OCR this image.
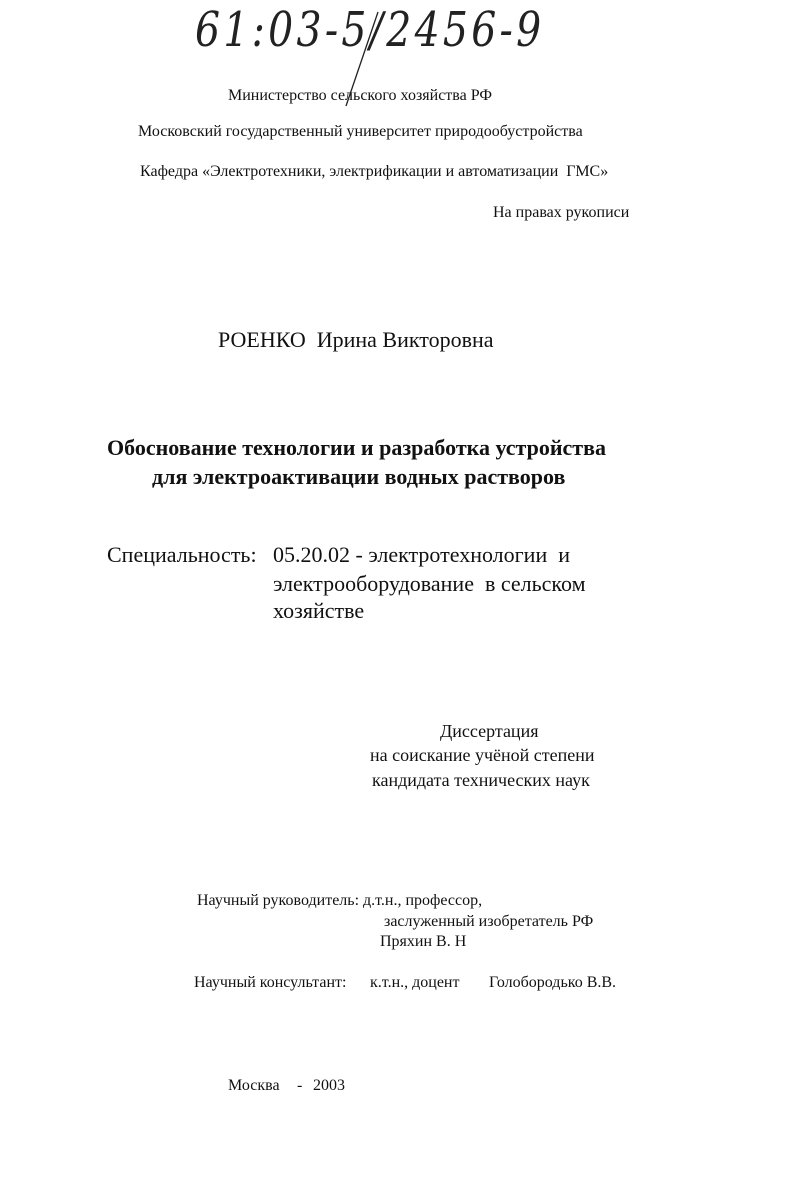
61:03-5/2456-9
Министерство сельского хозяйства РФ
Московский государственный университет природообустройства
Кафедра «Электротехники, электрификации и автоматизации  ГМС»
На правах рукописи
РОЕНКО  Ирина Викторовна
Обоснование технологии и разработка устройства
для электроактивации водных растворов
Специальность: 05.20.02 - электротехнологии  и
электрооборудование  в сельском
хозяйстве
Диссертация
на соискание учёной степени
кандидата технических наук
Научный руководитель: д.т.н., профессор,
заслуженный изобретатель РФ
Пряхин В. Н
Научный консультант: к.т.н., доцент Голобородько В.В.
Москва - 2003
